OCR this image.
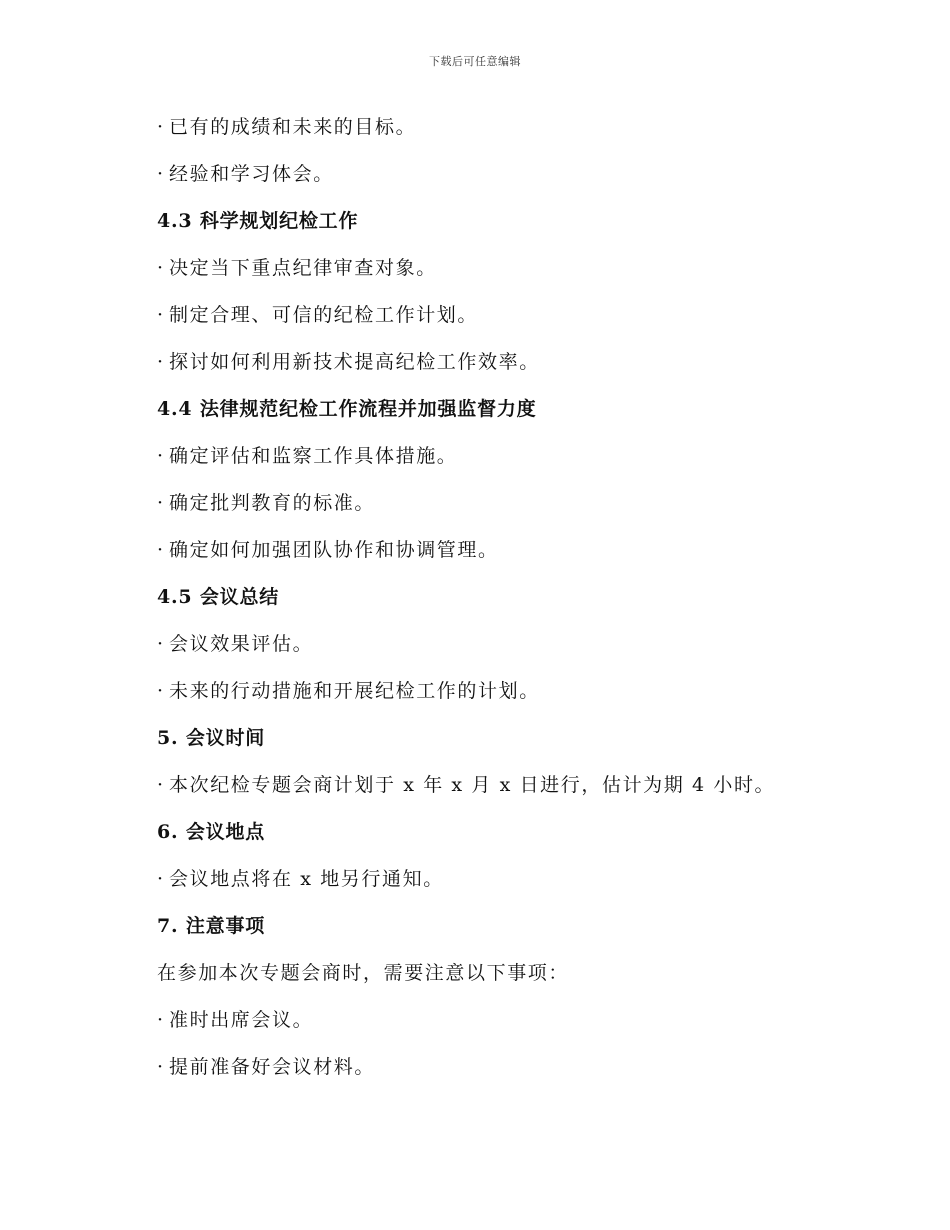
下载后可任意编辑
· 已有的成绩和未来的目标。
· 经验和学习体会。
4.3 科学规划纪检工作
· 决定当下重点纪律审查对象。
· 制定合理、可信的纪检工作计划。
· 探讨如何利用新技术提高纪检工作效率。
4.4 法律规范纪检工作流程并加强监督力度
· 确定评估和监察工作具体措施。
· 确定批判教育的标准。
· 确定如何加强团队协作和协调管理。
4.5 会议总结
· 会议效果评估。
· 未来的行动措施和开展纪检工作的计划。
5. 会议时间
· 本次纪检专题会商计划于 x 年 x 月 x 日进行，估计为期 4 小时。
6. 会议地点
· 会议地点将在 x 地另行通知。
7. 注意事项
在参加本次专题会商时，需要注意以下事项：
· 准时出席会议。
· 提前准备好会议材料。
